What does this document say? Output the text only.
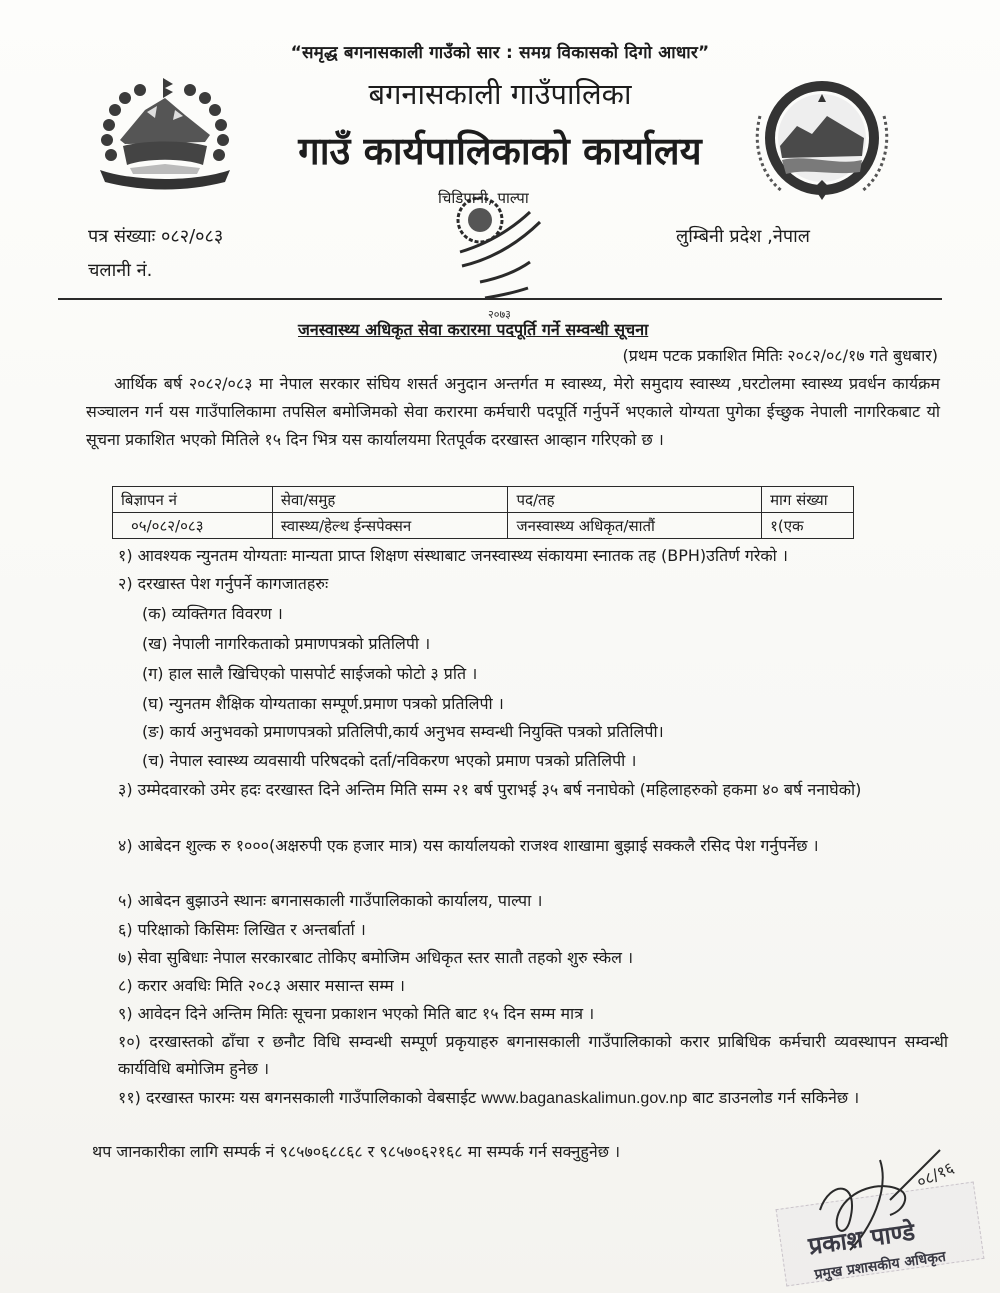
“समृद्ध बगनासकाली गाउँको सार : समग्र विकासको दिगो आधार”
बगनासकाली गाउँपालिका
गाउँ कार्यपालिकाको कार्यालय
२०७३
चिडिपानी, पाल्पा
पत्र संख्याः ०८२/०८३
चलानी नं.
लुम्बिनी प्रदेश ,नेपाल
जनस्वास्थ्य अधिकृत सेवा करारमा पदपूर्ति गर्ने सम्वन्धी सूचना
(प्रथम पटक प्रकाशित मितिः २०८२/०८/१७ गते बुधबार)
आर्थिक बर्ष २०८२/०८३ मा नेपाल सरकार संघिय शसर्त अनुदान अन्तर्गत म स्वास्थ्य, मेरो समुदाय स्वास्थ्य ,घरटोलमा स्वास्थ्य प्रवर्धन कार्यक्रम सञ्चालन गर्न यस गाउँपालिकामा तपसिल बमोजिमको सेवा करारमा कर्मचारी पदपूर्ति गर्नुपर्ने भएकाले योग्यता पुगेका ईच्छुक नेपाली नागरिकबाट यो सूचना प्रकाशित भएको मितिले १५ दिन भित्र यस कार्यालयमा रितपूर्वक दरखास्त आव्हान गरिएको छ ।
बिज्ञापन नं	सेवा/समुह	पद/तह	माग संख्या
०५/०८२/०८३	स्वास्थ्य/हेल्थ ईन्सपेक्सन	जनस्वास्थ्य अधिकृत/सातौं	१(एक
१) आवश्यक न्युनतम योग्यताः मान्यता प्राप्त शिक्षण संस्थाबाट जनस्वास्थ्य संकायमा स्नातक तह (BPH)उतिर्ण गरेको ।
२) दरखास्त पेश गर्नुपर्ने कागजातहरुः
(क) व्यक्तिगत विवरण ।
(ख) नेपाली नागरिकताको प्रमाणपत्रको प्रतिलिपी ।
(ग) हाल सालै खिचिएको पासपोर्ट साईजको फोटो ३ प्रति ।
(घ) न्युनतम शैक्षिक योग्यताका सम्पूर्ण.प्रमाण पत्रको प्रतिलिपी ।
(ङ) कार्य अनुभवको प्रमाणपत्रको प्रतिलिपी,कार्य अनुभव सम्वन्धी नियुक्ति पत्रको प्रतिलिपी।
(च) नेपाल स्वास्थ्य व्यवसायी परिषदको दर्ता/नविकरण भएको प्रमाण पत्रको प्रतिलिपी ।
३) उम्मेदवारको उमेर हदः दरखास्त दिने अन्तिम मिति सम्म २१ बर्ष पुराभई ३५ बर्ष ननाघेको (महिलाहरुको हकमा ४० बर्ष ननाघेको)
४) आबेदन शुल्क रु १०००(अक्षरुपी एक हजार मात्र) यस कार्यालयको राजश्व शाखामा बुझाई सक्कलै रसिद पेश गर्नुपर्नेछ ।
५) आबेदन बुझाउने स्थानः बगनासकाली गाउँपालिकाको कार्यालय, पाल्पा ।
६) परिक्षाको किसिमः लिखित र अन्तर्बार्ता ।
७) सेवा सुबिधाः नेपाल सरकारबाट तोकिए बमोजिम अधिकृत स्तर सातौ तहको शुरु स्केल ।
८) करार अवधिः मिति २०८३ असार मसान्त सम्म ।
९) आवेदन दिने अन्तिम मितिः सूचना प्रकाशन भएको मिति बाट १५ दिन सम्म मात्र ।
१०) दरखास्तको ढाँचा र छनौट विधि सम्वन्धी सम्पूर्ण प्रकृयाहरु बगनासकाली गाउँपालिकाको करार प्राबिधिक कर्मचारी व्यवस्थापन सम्वन्धी कार्यविधि बमोजिम हुनेछ ।
११) दरखास्त फारमः यस बगनसकाली गाउँपालिकाको वेबसाईट www.baganaskalimun.gov.np बाट डाउनलोड गर्न सकिनेछ ।
थप जानकारीका लागि सम्पर्क नं ९८५७०६८८६८ र ९८५७०६२१६८ मा सम्पर्क गर्न सक्नुहुनेछ ।
०८/१६
प्रकाश पाण्डे
प्रमुख प्रशासकीय अधिकृत
